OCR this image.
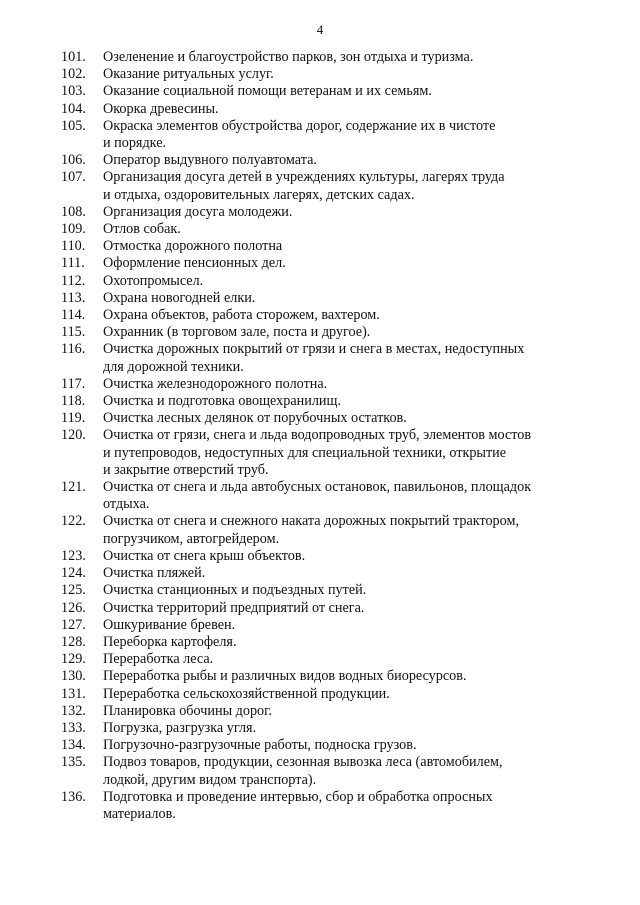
4
101.	Озеленение и благоустройство парков, зон отдыха и туризма.
102.	Оказание ритуальных услуг.
103.	Оказание социальной помощи ветеранам и их семьям.
104.	Окорка древесины.
105.	Окраска элементов обустройства дорог, содержание их в чистоте
и порядке.
106.	Оператор выдувного полуавтомата.
107.	Организация досуга детей в учреждениях культуры, лагерях труда
и отдыха, оздоровительных лагерях, детских садах.
108.	Организация досуга молодежи.
109.	Отлов собак.
110.	Отмостка дорожного полотна
111.	Оформление пенсионных дел.
112.	Охотопромысел.
113.	Охрана новогодней елки.
114.	Охрана объектов, работа сторожем, вахтером.
115.	Охранник (в торговом зале, поста и другое).
116.	Очистка дорожных покрытий от грязи и снега в местах, недоступных
для дорожной техники.
117.	Очистка железнодорожного полотна.
118.	Очистка и подготовка овощехранилищ.
119.	Очистка лесных делянок от порубочных остатков.
120.	Очистка от грязи, снега и льда водопроводных труб, элементов мостов
и путепроводов, недоступных для специальной техники, открытие
и закрытие отверстий труб.
121.	Очистка от снега и льда автобусных остановок, павильонов, площадок
отдыха.
122.	Очистка от снега и снежного наката дорожных покрытий трактором,
погрузчиком, автогрейдером.
123.	Очистка от снега крыш объектов.
124.	Очистка пляжей.
125.	Очистка станционных и подъездных путей.
126.	Очистка территорий предприятий от снега.
127.	Ошкуривание бревен.
128.	Переборка картофеля.
129.	Переработка леса.
130.	Переработка рыбы и различных видов водных биоресурсов.
131.	Переработка сельскохозяйственной продукции.
132.	Планировка обочины дорог.
133.	Погрузка, разгрузка угля.
134.	Погрузочно-разгрузочные работы, подноска грузов.
135.	Подвоз товаров, продукции, сезонная вывозка леса (автомобилем,
лодкой, другим видом транспорта).
136.	Подготовка и проведение интервью, сбор и обработка опросных
материалов.
